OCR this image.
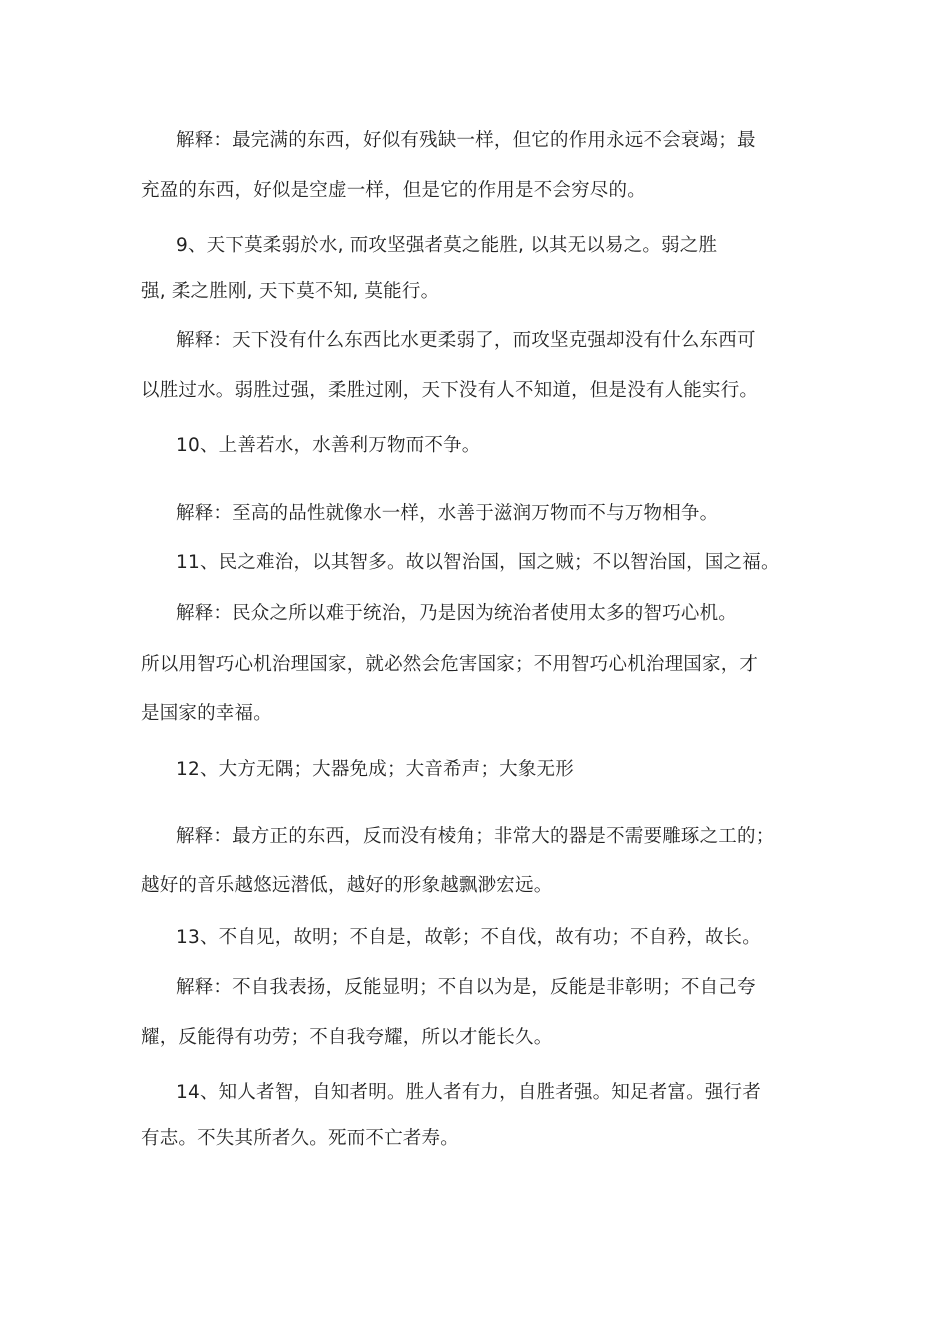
解释：最完满的东西，好似有残缺一样，但它的作用永远不会衰竭；最
充盈的东西，好似是空虚一样，但是它的作用是不会穷尽的。
9、天下莫柔弱於水, 而攻坚强者莫之能胜, 以其无以易之。弱之胜
强, 柔之胜刚, 天下莫不知, 莫能行。
解释：天下没有什么东西比水更柔弱了，而攻坚克强却没有什么东西可
以胜过水。弱胜过强，柔胜过刚，天下没有人不知道，但是没有人能实行。
10、上善若水，水善利万物而不争。
解释：至高的品性就像水一样，水善于滋润万物而不与万物相争。
11、民之难治，以其智多。故以智治国，国之贼；不以智治国，国之福。
解释：民众之所以难于统治，乃是因为统治者使用太多的智巧心机。
所以用智巧心机治理国家，就必然会危害国家；不用智巧心机治理国家，才
是国家的幸福。
12、大方无隅；大器免成；大音希声；大象无形
解释：最方正的东西，反而没有棱角；非常大的器是不需要雕琢之工的；
越好的音乐越悠远潜低，越好的形象越飘渺宏远。
13、不自见，故明；不自是，故彰；不自伐，故有功；不自矜，故长。
解释：不自我表扬，反能显明；不自以为是，反能是非彰明；不自己夸
耀，反能得有功劳；不自我夸耀，所以才能长久。
14、知人者智，自知者明。胜人者有力，自胜者强。知足者富。强行者
有志。不失其所者久。死而不亡者寿。
